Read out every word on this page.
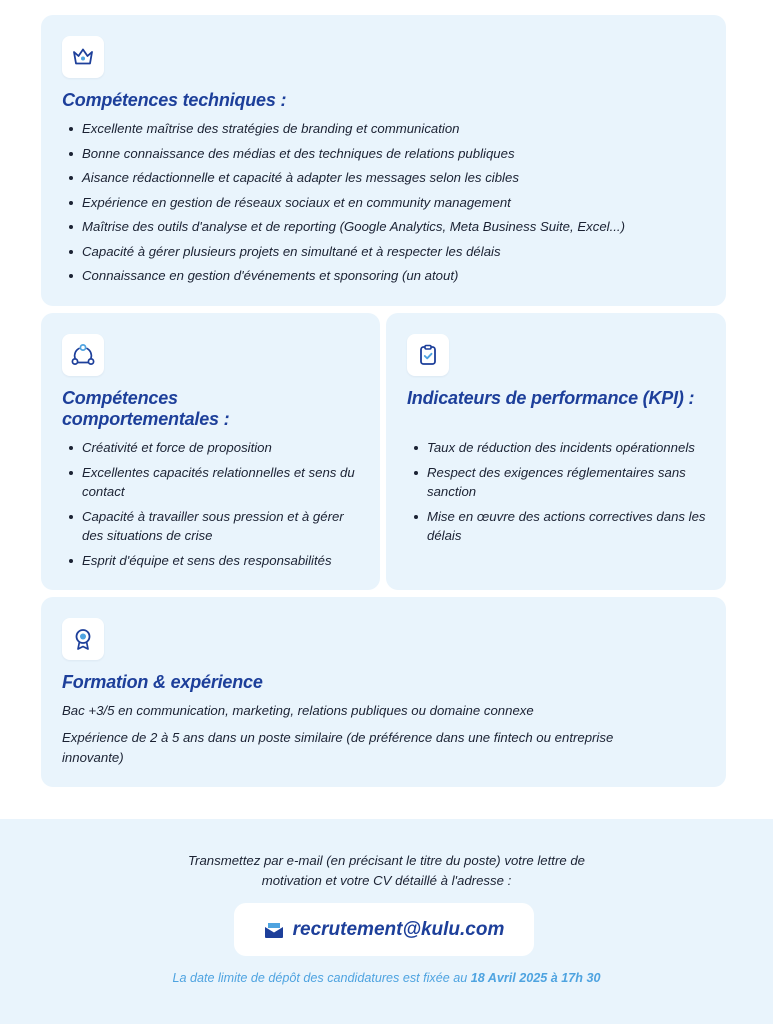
Compétences techniques :
Excellente maîtrise des stratégies de branding et communication
Bonne connaissance des médias et des techniques de relations publiques
Aisance rédactionnelle et capacité à adapter les messages selon les cibles
Expérience en gestion de réseaux sociaux et en community management
Maîtrise des outils d'analyse et de reporting (Google Analytics, Meta Business Suite, Excel...)
Capacité à gérer plusieurs projets en simultané et à respecter les délais
Connaissance en gestion d'événements et sponsoring (un atout)
Compétences comportementales :
Créativité et force de proposition
Excellentes capacités relationnelles et sens du contact
Capacité à travailler sous pression et à gérer des situations de crise
Esprit d'équipe et sens des responsabilités
Indicateurs de performance (KPI) :
Taux de réduction des incidents opérationnels
Respect des exigences réglementaires sans sanction
Mise en œuvre des actions correctives dans les délais
Formation & expérience

Bac +3/5 en communication, marketing, relations publiques ou domaine connexe

Expérience de 2 à 5 ans dans un poste similaire (de préférence dans une fintech ou entreprise innovante)

Transmettez par e-mail (en précisant le titre du poste) votre lettre de motivation et votre CV détaillé à l'adresse :

recrutement@kulu.com

La date limite de dépôt des candidatures est fixée au 18 Avril 2025 à 17h 30
